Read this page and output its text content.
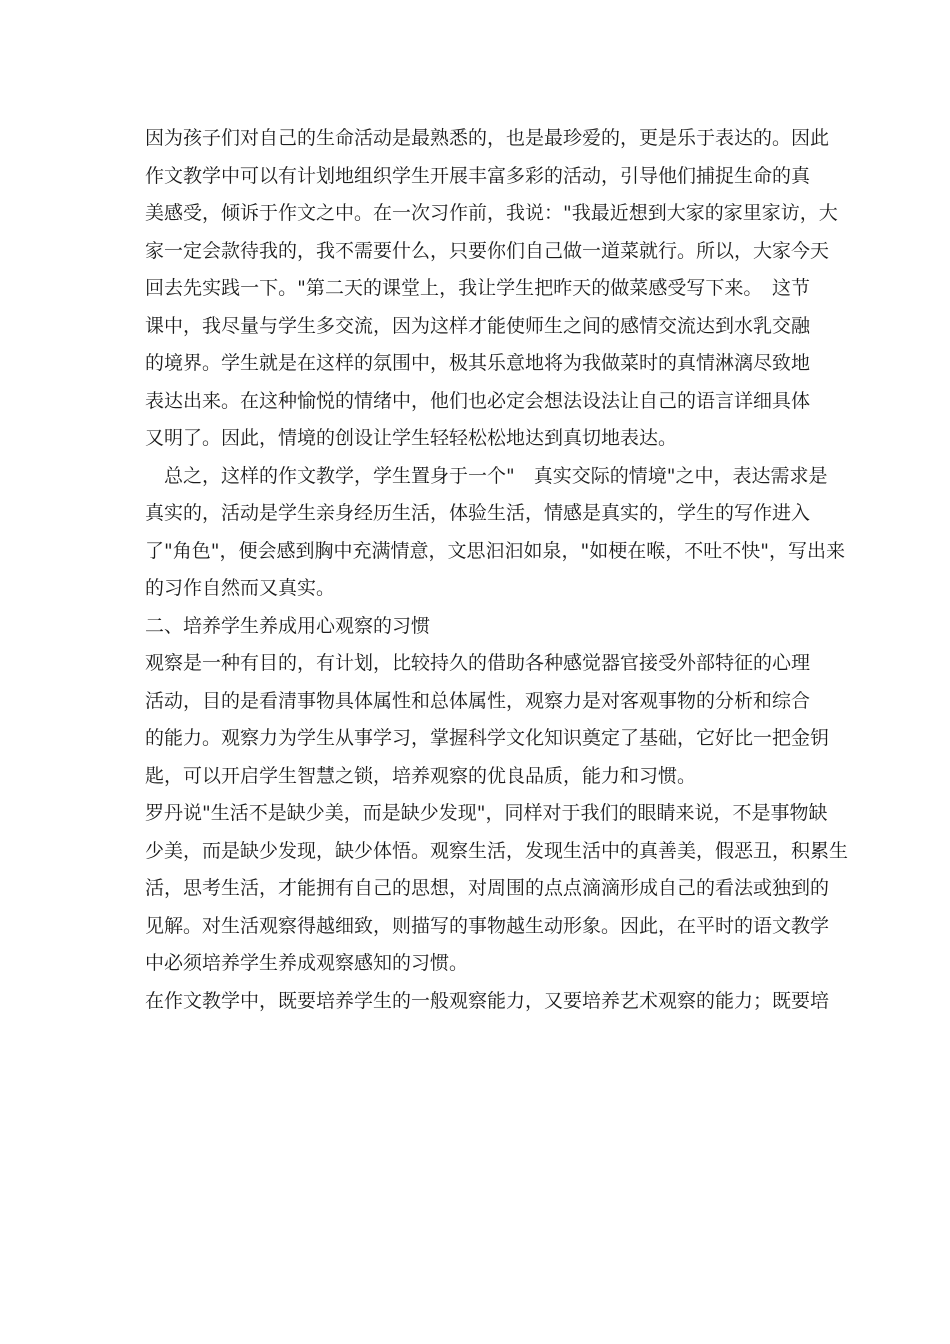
因为孩子们对自己的生命活动是最熟悉的，也是最珍爱的，更是乐于表达的。因此
作文教学中可以有计划地组织学生开展丰富多彩的活动，引导他们捕捉生命的真
美感受，倾诉于作文之中。在一次习作前，我说："我最近想到大家的家里家访，大
家一定会款待我的，我不需要什么，只要你们自己做一道菜就行。所以，大家今天
回去先实践一下。"第二天的课堂上，我让学生把昨天的做菜感受写下来。　这节
课中，我尽量与学生多交流，因为这样才能使师生之间的感情交流达到水乳交融
的境界。学生就是在这样的氛围中，极其乐意地将为我做菜时的真情淋漓尽致地
表达出来。在这种愉悦的情绪中，他们也必定会想法设法让自己的语言详细具体
又明了。因此，情境的创设让学生轻轻松松地达到真切地表达。
总之，这样的作文教学，学生置身于一个"　真实交际的情境"之中，表达需求是
真实的，活动是学生亲身经历生活，体验生活，情感是真实的，学生的写作进入
了"角色"，便会感到胸中充满情意，文思汩汩如泉，"如梗在喉，不吐不快"，写出来
的习作自然而又真实。
二、培养学生养成用心观察的习惯
观察是一种有目的，有计划，比较持久的借助各种感觉器官接受外部特征的心理
活动，目的是看清事物具体属性和总体属性，观察力是对客观事物的分析和综合
的能力。观察力为学生从事学习，掌握科学文化知识奠定了基础，它好比一把金钥
匙，可以开启学生智慧之锁，培养观察的优良品质，能力和习惯。
罗丹说"生活不是缺少美，而是缺少发现"，同样对于我们的眼睛来说，不是事物缺
少美，而是缺少发现，缺少体悟。观察生活，发现生活中的真善美，假恶丑，积累生
活，思考生活，才能拥有自己的思想，对周围的点点滴滴形成自己的看法或独到的
见解。对生活观察得越细致，则描写的事物越生动形象。因此，在平时的语文教学
中必须培养学生养成观察感知的习惯。
在作文教学中，既要培养学生的一般观察能力，又要培养艺术观察的能力；既要培
